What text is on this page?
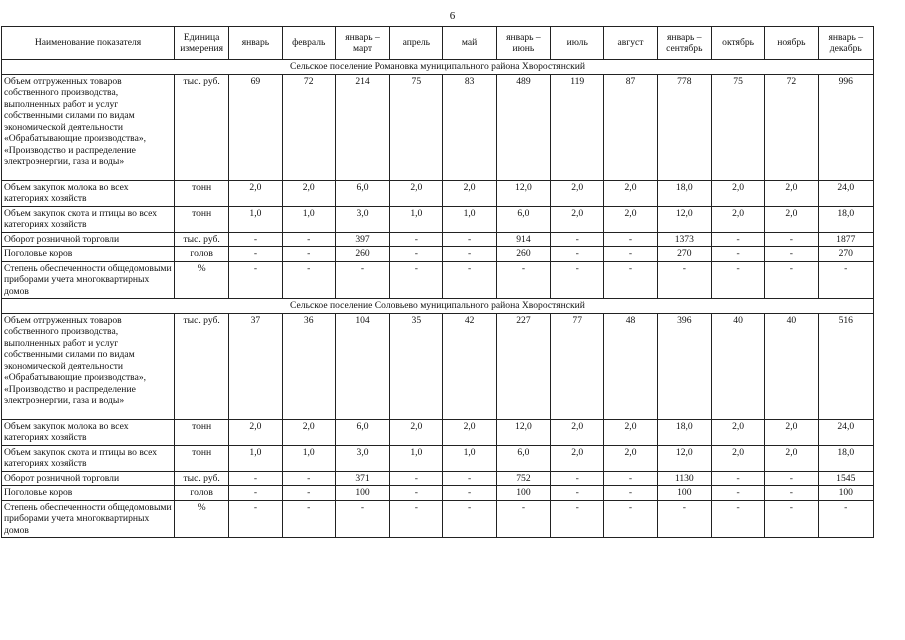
6
Наименование показателя	Единица измерения	январь	февраль	январь – март	апрель	май	январь – июнь	июль	август	январь – сентябрь	октябрь	ноябрь	январь – декабрь
Сельское поселение Романовка муниципального района Хворостянский													
Объем отгруженных товаров собственного производства, выполненных работ и услуг собственными силами по видам экономической деятельности «Обрабатывающие производства», «Производство и распределение электроэнергии, газа и воды»	тыс. руб.	69	72	214	75	83	489	119	87	778	75	72	996
Объем закупок молока во всех категориях хозяйств	тонн	2,0	2,0	6,0	2,0	2,0	12,0	2,0	2,0	18,0	2,0	2,0	24,0
Объем закупок скота и птицы во всех категориях хозяйств	тонн	1,0	1,0	3,0	1,0	1,0	6,0	2,0	2,0	12,0	2,0	2,0	18,0
Оборот розничной торговли	тыс. руб.	-	-	397	-	-	914	-	-	1373	-	-	1877
Поголовье коров	голов	-	-	260	-	-	260	-	-	270	-	-	270
Степень обеспеченности общедомовыми приборами учета многоквартирных домов	%	-	-	-	-	-	-	-	-	-	-	-	-
Сельское поселение Соловьево муниципального района Хворостянский													
Объем отгруженных товаров собственного производства, выполненных работ и услуг собственными силами по видам экономической деятельности «Обрабатывающие производства», «Производство и распределение электроэнергии, газа и воды»	тыс. руб.	37	36	104	35	42	227	77	48	396	40	40	516
Объем закупок молока во всех категориях хозяйств	тонн	2,0	2,0	6,0	2,0	2,0	12,0	2,0	2,0	18,0	2,0	2,0	24,0
Объем закупок скота и птицы во всех категориях хозяйств	тонн	1,0	1,0	3,0	1,0	1,0	6,0	2,0	2,0	12,0	2,0	2,0	18,0
Оборот розничной торговли	тыс. руб.	-	-	371	-	-	752	-	-	1130	-	-	1545
Поголовье коров	голов	-	-	100	-	-	100	-	-	100	-	-	100
Степень обеспеченности общедомовыми приборами учета многоквартирных домов	%	-	-	-	-	-	-	-	-	-	-	-	-
